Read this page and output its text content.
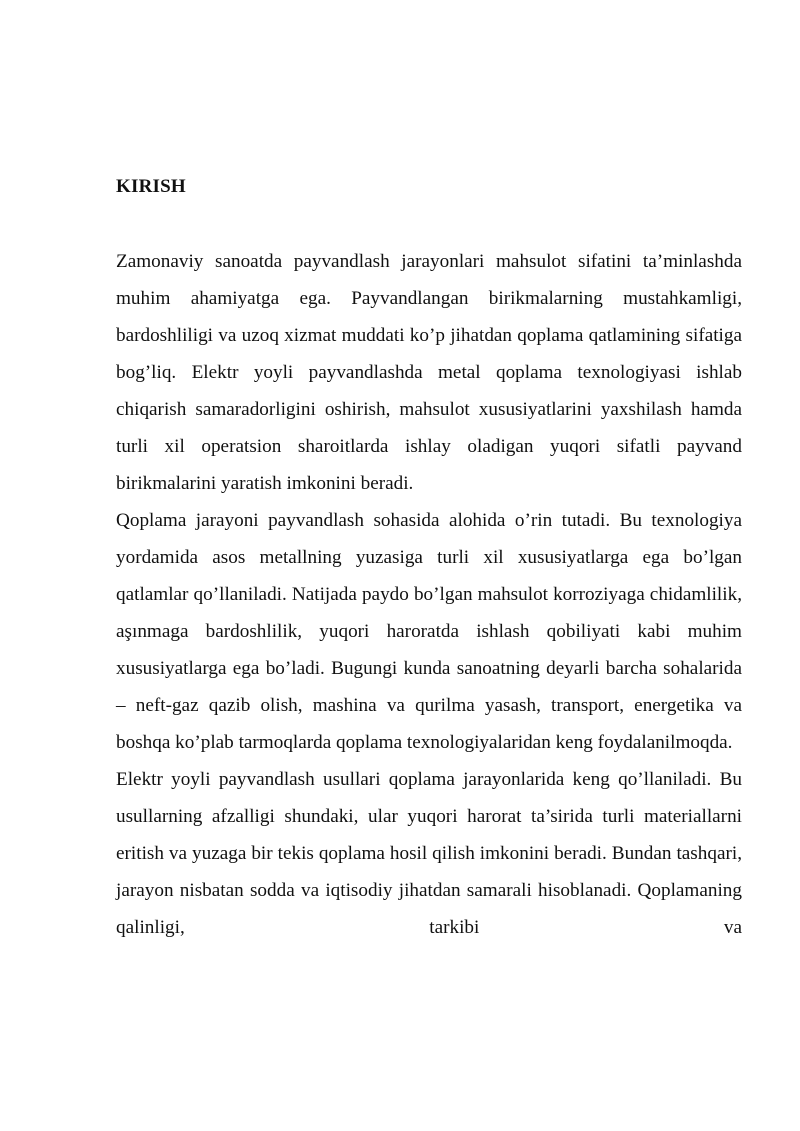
KIRISH

Zamonaviy sanoatda payvandlash jarayonlari mahsulot sifatini ta’minlashda muhim ahamiyatga ega. Payvandlangan birikmalarning mustahkamligi, bardoshliligi va uzoq xizmat muddati ko’p jihatdan qoplama qatlamining sifatiga bog’liq. Elektr yoyli payvandlashda metal qoplama texnologiyasi ishlab chiqarish samaradorligini oshirish, mahsulot xususiyatlarini yaxshilash hamda turli xil operatsion sharoitlarda ishlay oladigan yuqori sifatli payvand birikmalarini yaratish imkonini beradi.

Qoplama jarayoni payvandlash sohasida alohida o’rin tutadi. Bu texnologiya yordamida asos metallning yuzasiga turli xil xususiyatlarga ega bo’lgan qatlamlar qo’llaniladi. Natijada paydo bo’lgan mahsulot korroziyaga chidamlilik, aşınmaga bardoshlilik, yuqori haroratda ishlash qobiliyati kabi muhim xususiyatlarga ega bo’ladi. Bugungi kunda sanoatning deyarli barcha sohalarida – neft-gaz qazib olish, mashina va qurilma yasash, transport, energetika va boshqa ko’plab tarmoqlarda qoplama texnologiyalaridan keng foydalanilmoqda.

Elektr yoyli payvandlash usullari qoplama jarayonlarida keng qo’llaniladi. Bu usullarning afzalligi shundaki, ular yuqori harorat ta’sirida turli materiallarni eritish va yuzaga bir tekis qoplama hosil qilish imkonini beradi. Bundan tashqari, jarayon nisbatan sodda va iqtisodiy jihatdan samarali hisoblanadi. Qoplamaning qalinligi, tarkibi va
